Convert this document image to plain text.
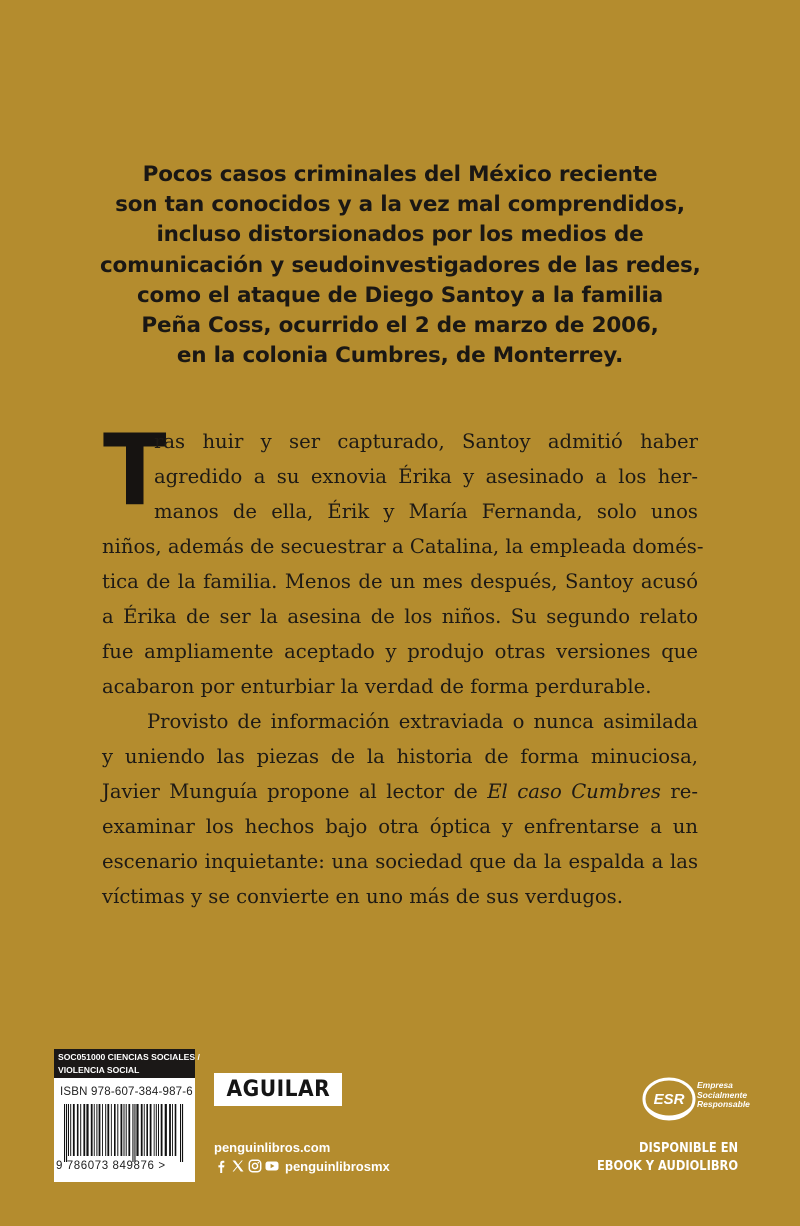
Pocos casos criminales del México reciente
son tan conocidos y a la vez mal comprendidos,
incluso distorsionados por los medios de
comunicación y seudoinvestigadores de las redes,
como el ataque de Diego Santoy a la familia
Peña Coss, ocurrido el 2 de marzo de 2006,
en la colonia Cumbres, de Monterrey.
T
ras huir y ser capturado, Santoy admitió haber
agredido a su exnovia Érika y asesinado a los her-
manos de ella, Érik y María Fernanda, solo unos
niños, además de secuestrar a Catalina, la empleada domés-
tica de la familia. Menos de un mes después, Santoy acusó
a Érika de ser la asesina de los niños. Su segundo relato
fue ampliamente aceptado y produjo otras versiones que
acabaron por enturbiar la verdad de forma perdurable.
Provisto de información extraviada o nunca asimilada
y uniendo las piezas de la historia de forma minuciosa,
Javier Munguía propone al lector de El caso Cumbres re-
examinar los hechos bajo otra óptica y enfrentarse a un
escenario inquietante: una sociedad que da la espalda a las
víctimas y se convierte en uno más de sus verdugos.
SOC051000 CIENCIAS SOCIALES /
VIOLENCIA SOCIAL
ISBN 978-607-384-987-6
9 786073 849876 >
AGUILAR
penguinlibros.com
penguinlibrosmx
ESR
Empresa
Socialmente
Responsable
DISPONIBLE EN
EBOOK Y AUDIOLIBRO
